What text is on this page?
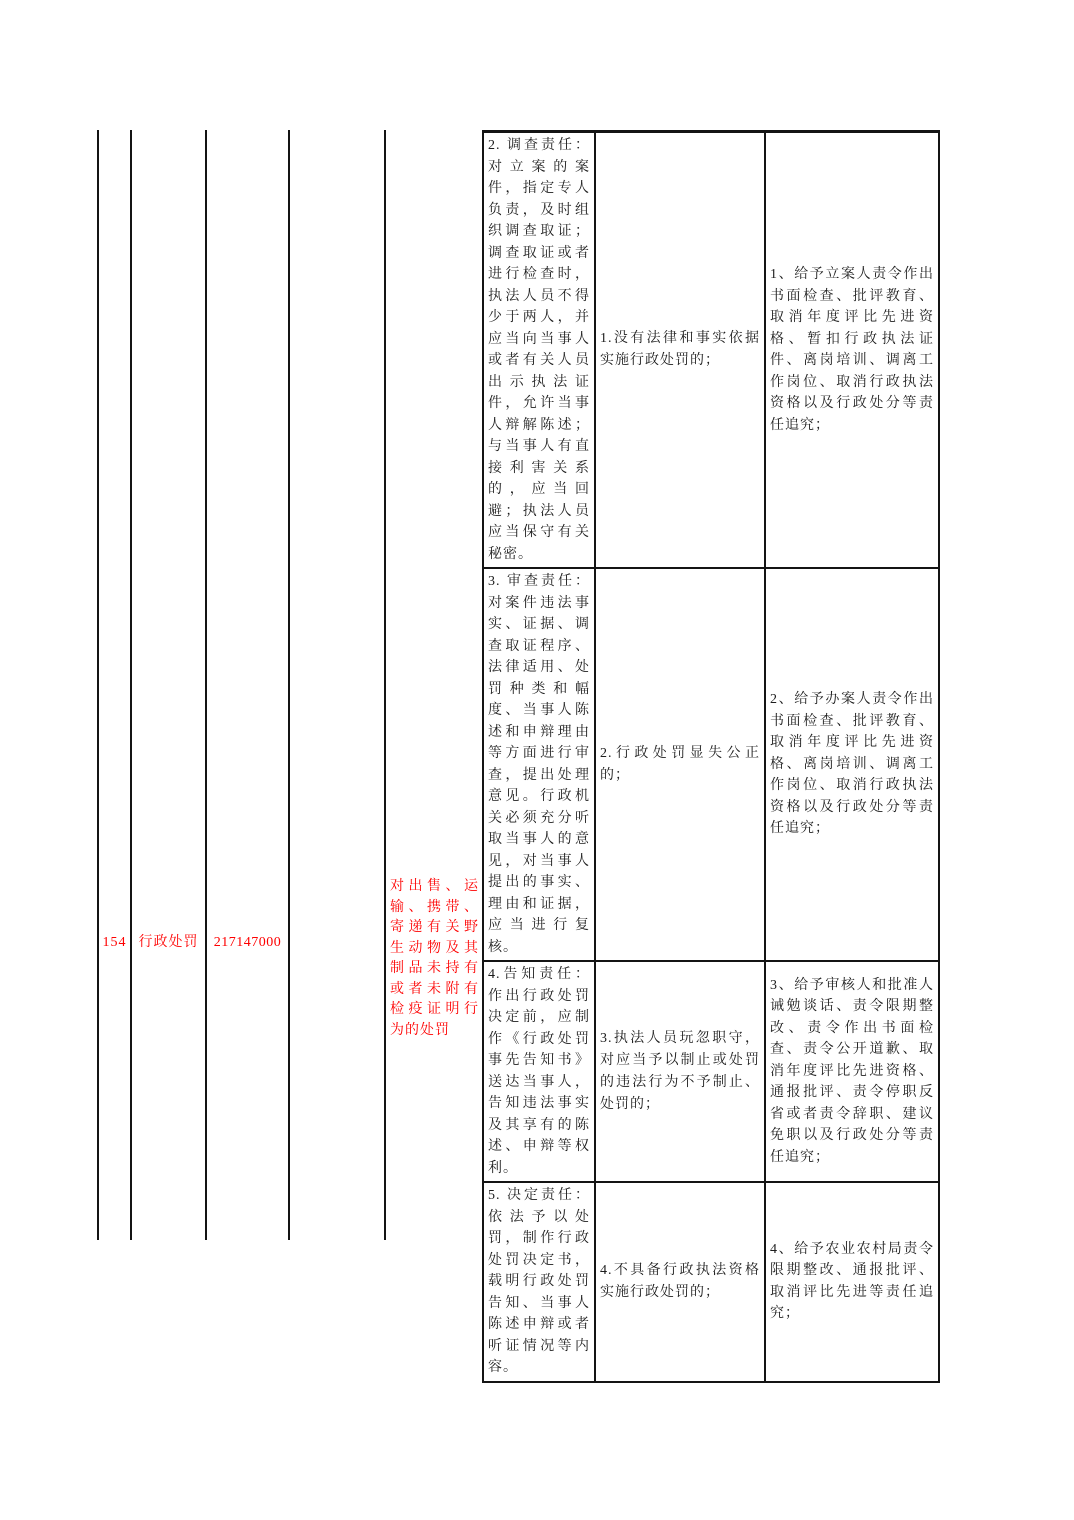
154 行政处罚	217147000
对出售、运输、携带、寄递有关野生动物及其制品未持有或者未附有检疫证明行为的处罚

2. 调查责任：对立案的案件，指定专人负责，及时组织调查取证；调查取证或者进行检查时，执法人员不得少于两人，并应当向当事人或者有关人员出示执法证件，允许当事人辩解陈述；与当事人有直接利害关系的，应当回避；执法人员应当保守有关秘密。	1.没有法律和事实依据实施行政处罚的；	1、给予立案人责令作出书面检查、批评教育、取消年度评比先进资格、暂扣行政执法证件、离岗培训、调离工作岗位、取消行政执法资格以及行政处分等责任追究；

3. 审查责任：对案件违法事实、证据、调查取证程序、法律适用、处罚种类和幅度、当事人陈述和申辩理由等方面进行审查，提出处理意见。行政机关必须充分听取当事人的意见，对当事人提出的事实、理由和证据，应当进行复核。	2.行政处罚显失公正的；	2、给予办案人责令作出书面检查、批评教育、取消年度评比先进资格、离岗培训、调离工作岗位、取消行政执法资格以及行政处分等责任追究；

4.告知责任：作出行政处罚决定前，应制作《行政处罚事先告知书》送达当事人，告知违法事实及其享有的陈述、申辩等权利。	3.执法人员玩忽职守，对应当予以制止或处罚的违法行为不予制止、处罚的；	3、给予审核人和批准人诫勉谈话、责令限期整改、责令作出书面检查、责令公开道歉、取消年度评比先进资格、通报批评、责令停职反省或者责令辞职、建议免职以及行政处分等责任追究；

5. 决定责任：依法予以处罚，制作行政处罚决定书，载明行政处罚告知、当事人陈述申辩或者听证情况等内容。	4.不具备行政执法资格实施行政处罚的；	4、给予农业农村局责令限期整改、通报批评、取消评比先进等责任追究；
